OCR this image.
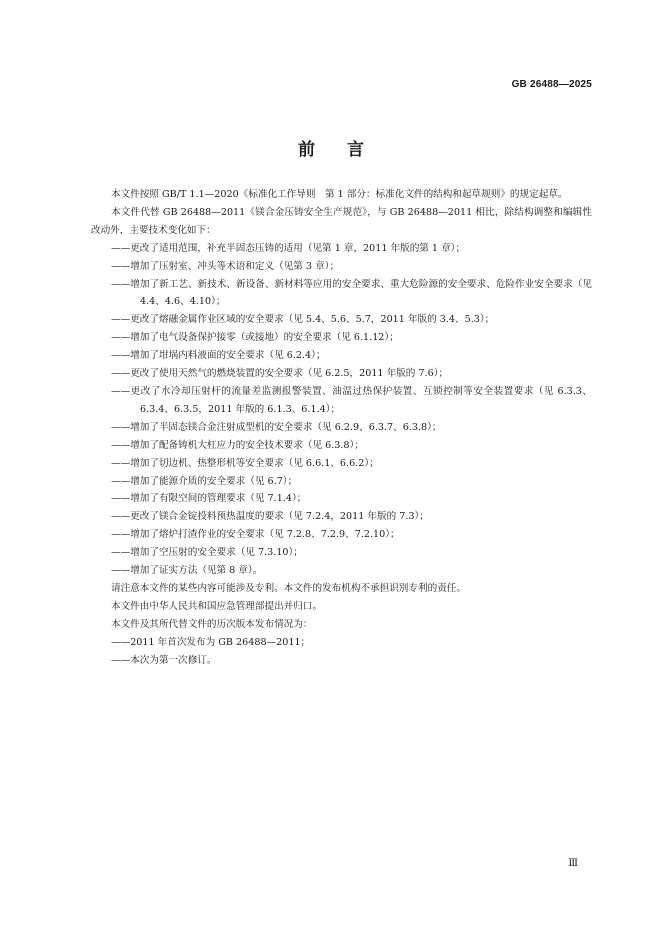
GB 26488—2025
前言

本文件按照 GB/T 1.1—2020《标准化工作导则　第 1 部分：标准化文件的结构和起草规则》的规定起草。

本文件代替 GB 26488—2011《镁合金压铸安全生产规范》，与 GB 26488—2011 相比，除结构调整和编辑性改动外，主要技术变化如下：

——更改了适用范围，补充半固态压铸的适用（见第 1 章，2011 年版的第 1 章）；

——增加了压射室、冲头等术语和定义（见第 3 章）；

——增加了新工艺、新技术、新设备、新材料等应用的安全要求、重大危险源的安全要求、危险作业安全要求（见 4.4、4.6、4.10）；

——更改了熔融金属作业区域的安全要求（见 5.4、5.6、5.7，2011 年版的 3.4、5.3）；

——增加了电气设备保护接零（或接地）的安全要求（见 6.1.12）；

——增加了坩埚内料液面的安全要求（见 6.2.4）；

——更改了使用天然气的燃烧装置的安全要求（见 6.2.5，2011 年版的 7.6）；

——更改了水冷却压射杆的流量差监测报警装置、油温过热保护装置、互锁控制等安全装置要求（见 6.3.3、6.3.4、6.3.5，2011 年版的 6.1.3、6.1.4）；

——增加了半固态镁合金注射成型机的安全要求（见 6.2.9、6.3.7、6.3.8）；

——增加了配备铸机大杠应力的安全技术要求（见 6.3.8）；

——增加了切边机、热整形机等安全要求（见 6.6.1、6.6.2）；

——增加了能源介质的安全要求（见 6.7）；

——增加了有限空间的管理要求（见 7.1.4）；

——更改了镁合金锭投料预热温度的要求（见 7.2.4，2011 年版的 7.3）；

——增加了熔炉打渣作业的安全要求（见 7.2.8、7.2.9、7.2.10）；

——增加了空压射的安全要求（见 7.3.10）；

——增加了证实方法（见第 8 章）。

请注意本文件的某些内容可能涉及专利。本文件的发布机构不承担识别专利的责任。

本文件由中华人民共和国应急管理部提出并归口。

本文件及其所代替文件的历次版本发布情况为：

——2011 年首次发布为 GB 26488—2011；

——本次为第一次修订。

Ⅲ
